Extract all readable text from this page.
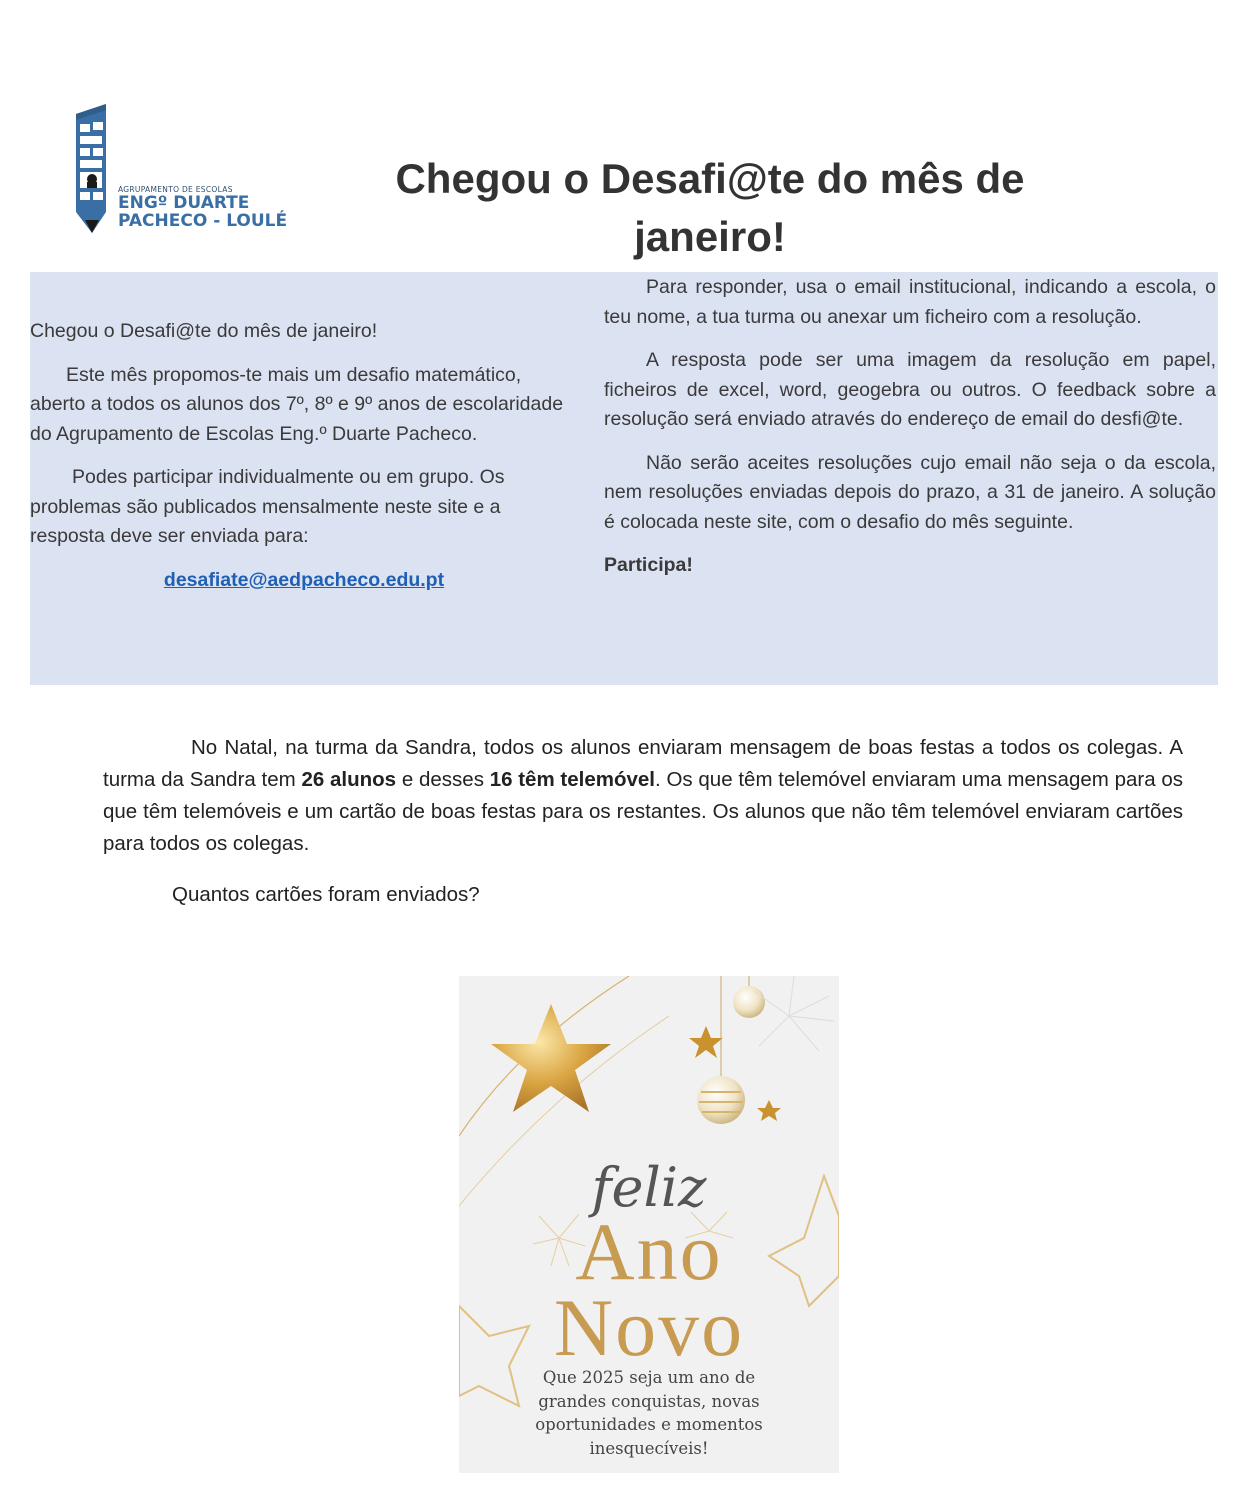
AGRUPAMENTO DE ESCOLAS
ENGº DUARTE
PACHECO - LOULÉ
Chegou o Desafi@te do mês de
janeiro!

Chegou o Desafi@te do mês de janeiro!

Este mês propomos-te mais um desafio matemático, aberto a todos os alunos dos 7º, 8º e 9º anos de escolaridade do Agrupamento de Escolas Eng.º Duarte Pacheco.

Podes participar individualmente ou em grupo. Os problemas são publicados mensalmente neste site e a resposta deve ser enviada para:

desafiate@aedpacheco.edu.pt

Para responder, usa o email institucional, indicando a escola, o teu nome, a tua turma ou anexar um ficheiro com a resolução.

A resposta pode ser uma imagem da resolução em papel, ficheiros de excel, word, geogebra ou outros. O feedback sobre a resolução será enviado através do endereço de email do desfi@te.

Não serão aceites resoluções cujo email não seja o da escola, nem resoluções enviadas depois do prazo, a 31 de janeiro. A solução é colocada neste site, com o desafio do mês seguinte.

Participa!

No Natal, na turma da Sandra, todos os alunos enviaram mensagem de boas festas a todos os colegas. A turma da Sandra tem 26 alunos e desses 16 têm telemóvel. Os que têm telemóvel enviaram uma mensagem para os que têm telemóveis e um cartão de boas festas para os restantes. Os alunos que não têm telemóvel enviaram cartões para todos os colegas.

Quantos cartões foram enviados?
feliz
Ano
Novo
Que 2025 seja um ano de
grandes conquistas, novas
oportunidades e momentos
inesquecíveis!
